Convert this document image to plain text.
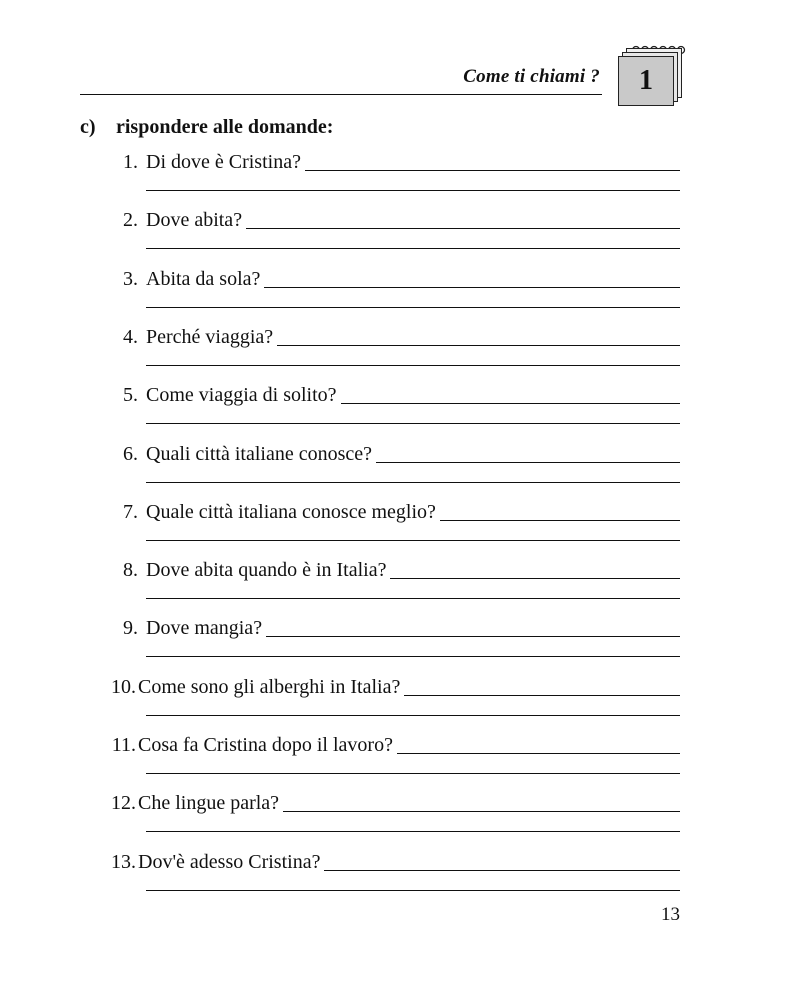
Come ti chiami ? 1
c) rispondere alle domande:
1. Di dove è Cristina?
2. Dove abita?
3. Abita da sola?
4. Perché viaggia?
5. Come viaggia di solito?
6. Quali città italiane conosce?
7. Quale città italiana conosce meglio?
8. Dove abita quando è in Italia?
9. Dove mangia?
10. Come sono gli alberghi in Italia?
11. Cosa fa Cristina dopo il lavoro?
12. Che lingue parla?
13. Dov'è adesso Cristina?
13
